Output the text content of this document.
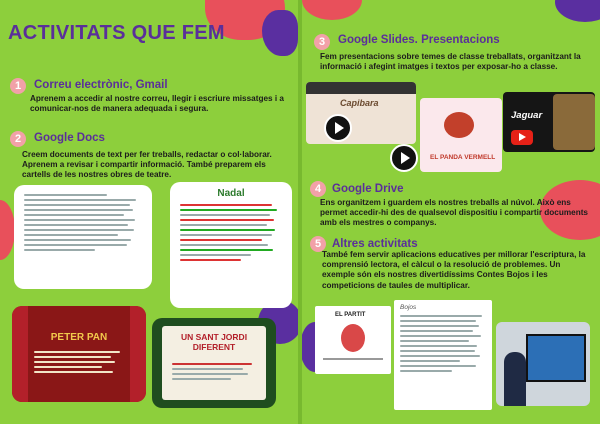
ACTIVITATS QUE FEM
1	Correu electrònic, Gmail
Aprenem a accedir al nostre correu, llegir i escriure missatges i a comunicar-nos de manera adequada i segura.
2	Google Docs
Creem documents de text per fer treballs, redactar o col·laborar. Aprenem a revisar i compartir informació. També preparem els cartells de les nostres obres de teatre.
Nadal
PETER PAN	UN SANT JORDI DIFERENT
3	Google Slides. Presentacions
Fem presentacions sobre temes de classe treballats, organitzant la informació i afegint imatges i textos per exposar-ho a classe.
Capibara
EL PANDA VERMELL
Jaguar
4 Google Drive
Ens organitzem i guardem els nostres treballs al núvol. Això ens permet accedir-hi des de qualsevol dispositiu i compartir documents amb els mestres o companys.
5 Altres activitats
També fem servir aplicacions educatives per millorar l'escriptura, la comprensió lectora, el càlcul o la resolució de problemes. Un exemple són els nostres divertidíssims Contes Bojos i les competicions de taules de multiplicar.
EL PARTIT
Bojos
